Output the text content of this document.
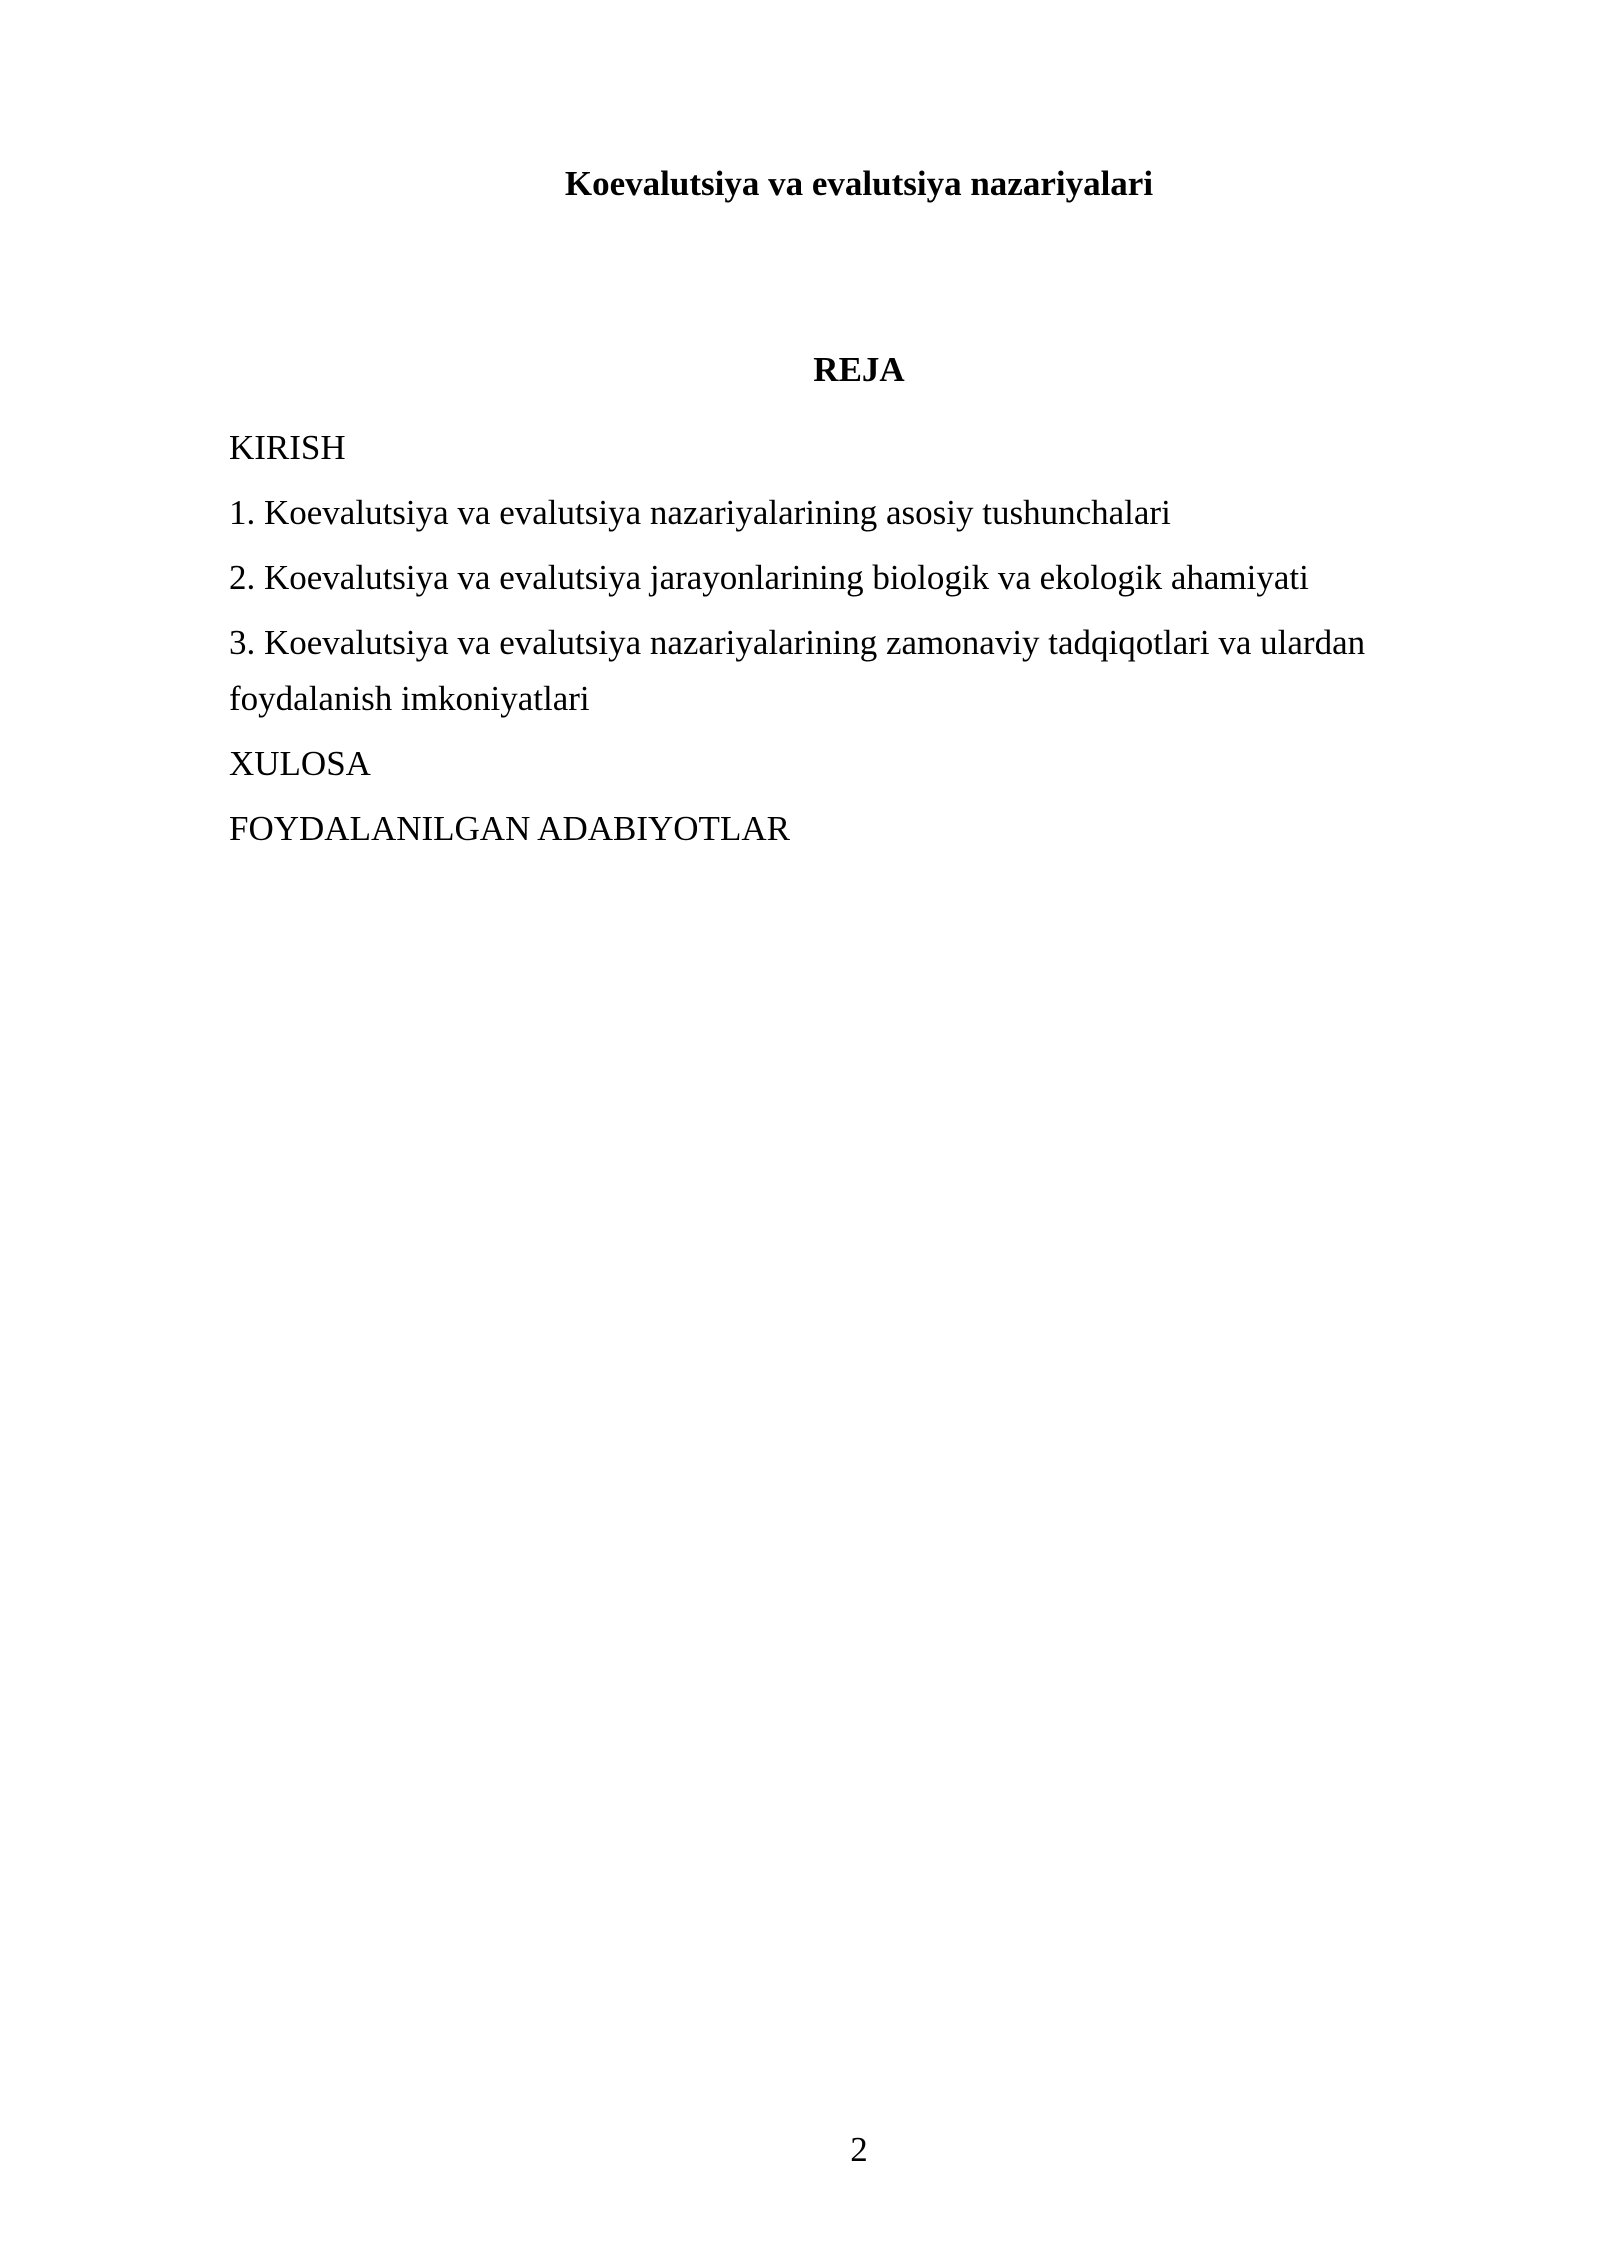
Koevalutsiya va evalutsiya nazariyalari
REJA
KIRISH
1. Koevalutsiya va evalutsiya nazariyalarining asosiy tushunchalari
2. Koevalutsiya va evalutsiya jarayonlarining biologik va ekologik ahamiyati
3. Koevalutsiya va evalutsiya nazariyalarining zamonaviy tadqiqotlari va ulardan foydalanish imkoniyatlari
XULOSA
FOYDALANILGAN ADABIYOTLAR
2
